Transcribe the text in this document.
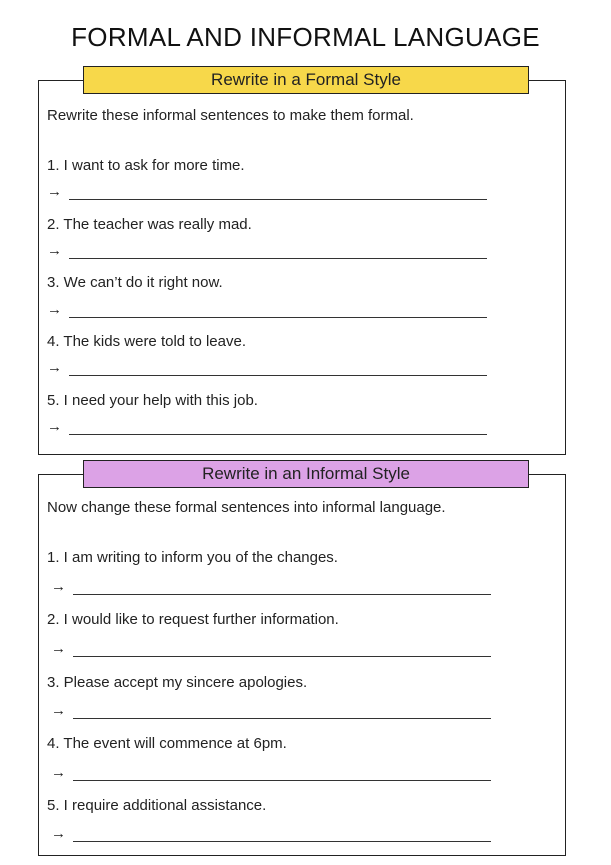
FORMAL AND INFORMAL LANGUAGE
Rewrite in a Formal Style
Rewrite these informal sentences to make them formal.
1. I want to ask for more time.
→
2. The teacher was really mad.
→
3. We can’t do it right now.
→
4. The kids were told to leave.
→
5. I need your help with this job.
→
Rewrite in an Informal Style
Now change these formal sentences into informal language.
1. I am writing to inform you of the changes.
→
2. I would like to request further information.
→
3. Please accept my sincere apologies.
→
4. The event will commence at 6pm.
→
5. I require additional assistance.
→
